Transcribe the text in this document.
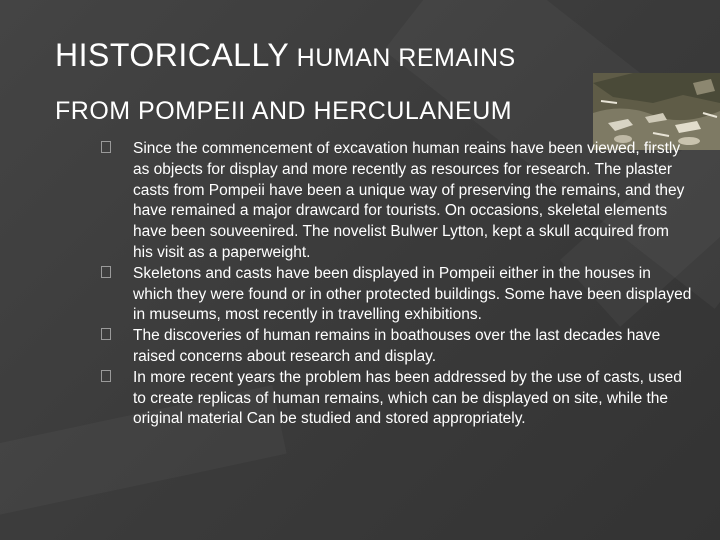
HISTORICALLY HUMAN REMAINS
FROM POMPEII AND HERCULANEUM
Since the commencement of excavation human reains have been viewed, firstly as objects for display and more recently as resources for research. The plaster casts from Pompeii have been a unique way of preserving the remains, and they have remained a major drawcard for tourists. On occasions, skeletal elements have been souveenired. The novelist Bulwer Lytton, kept a skull acquired from his visit as a paperweight.
Skeletons and casts have been displayed in Pompeii either in the houses in which they were found or in other protected buildings. Some have been displayed in museums, most recently in travelling exhibitions.
The discoveries of human remains in boathouses over the last decades have raised concerns about research and display.
In more recent years the problem has been addressed by the use of casts, used to create replicas of human remains, which can be displayed on site, while the original material Can be studied and stored appropriately.
